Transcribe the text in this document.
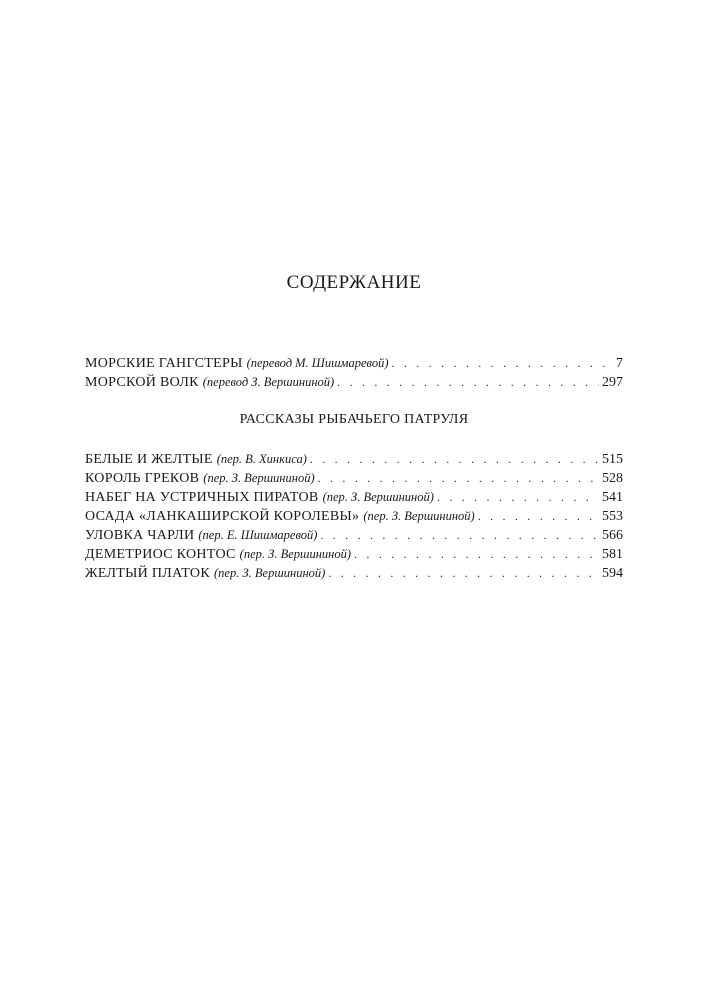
СОДЕРЖАНИЕ
МОРСКИЕ ГАНГСТЕРЫ (перевод М. Шишмаревой) . . .	7
МОРСКОЙ ВОЛК (перевод З. Вершининой) . . .	297
РАССКАЗЫ РЫБАЧЬЕГО ПАТРУЛЯ
БЕЛЫЕ И ЖЕЛТЫЕ (пер. В. Хинкиса) . . .	515
КОРОЛЬ ГРЕКОВ (пер. З. Вершининой) . . .	528
НАБЕГ НА УСТРИЧНЫХ ПИРАТОВ (пер. З. Вершининой) . . .	541
ОСАДА «ЛАНКАШИРСКОЙ КОРОЛЕВЫ» (пер. З. Вершининой) . . .	553
УЛОВКА ЧАРЛИ (пер. Е. Шишмаревой) . . .	566
ДЕМЕТРИОС КОНТОС (пер. З. Вершининой) . . .	581
ЖЕЛТЫЙ ПЛАТОК (пер. З. Вершининой) . . .	594
